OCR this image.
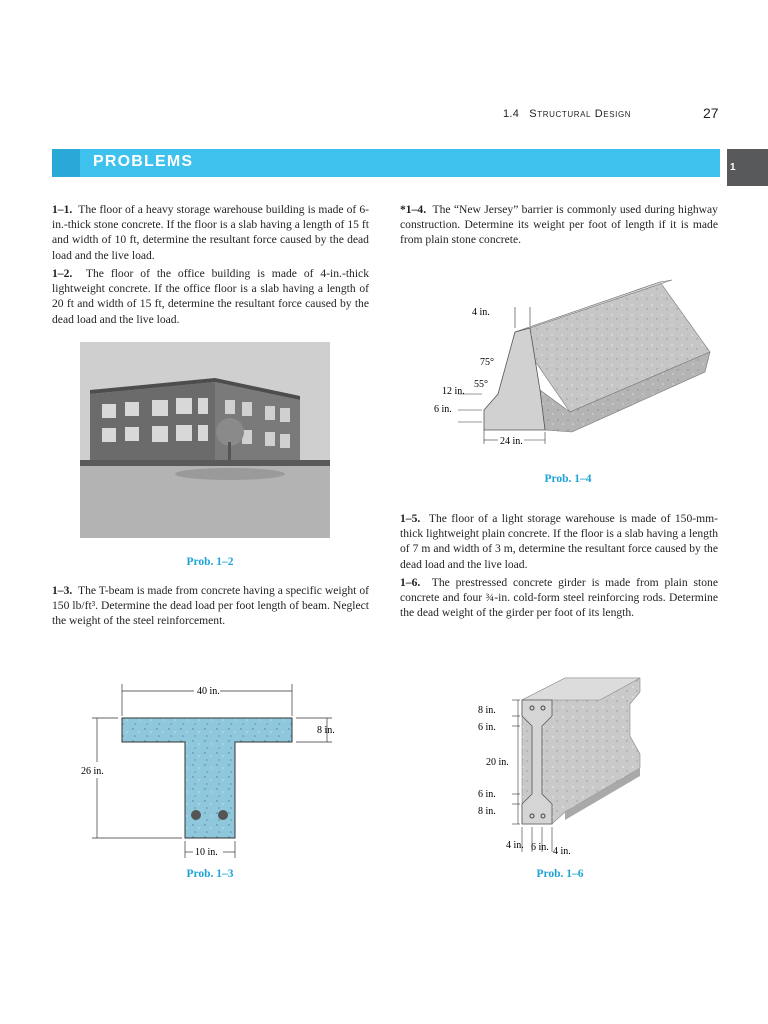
1.4 Structural Design	27
PROBLEMS	1
1–1. The floor of a heavy storage warehouse building is made of 6-in.-thick stone concrete. If the floor is a slab having a length of 15 ft and width of 10 ft, determine the resultant force caused by the dead load and the live load.
1–2. The floor of the office building is made of 4-in.-thick lightweight concrete. If the office floor is a slab having a length of 20 ft and width of 15 ft, determine the resultant force caused by the dead load and the live load.
Prob. 1–2
1–3. The T-beam is made from concrete having a specific weight of 150 lb/ft³. Determine the dead load per foot length of beam. Neglect the weight of the steel reinforcement.
40 in.
8 in.
26 in.
10 in.
Prob. 1–3
*1–4. The “New Jersey” barrier is commonly used during highway construction. Determine its weight per foot of length if it is made from plain stone concrete.
4 in.
75°
55°
12 in.
6 in.
24 in.
Prob. 1–4
1–5. The floor of a light storage warehouse is made of 150-mm-thick lightweight plain concrete. If the floor is a slab having a length of 7 m and width of 3 m, determine the resultant force caused by the dead load and the live load.
1–6. The prestressed concrete girder is made from plain stone concrete and four ¾-in. cold-form steel reinforcing rods. Determine the dead weight of the girder per foot of its length.
8 in.
6 in.
20 in.
6 in.
8 in.
4 in. 6 in. 4 in.
Prob. 1–6
